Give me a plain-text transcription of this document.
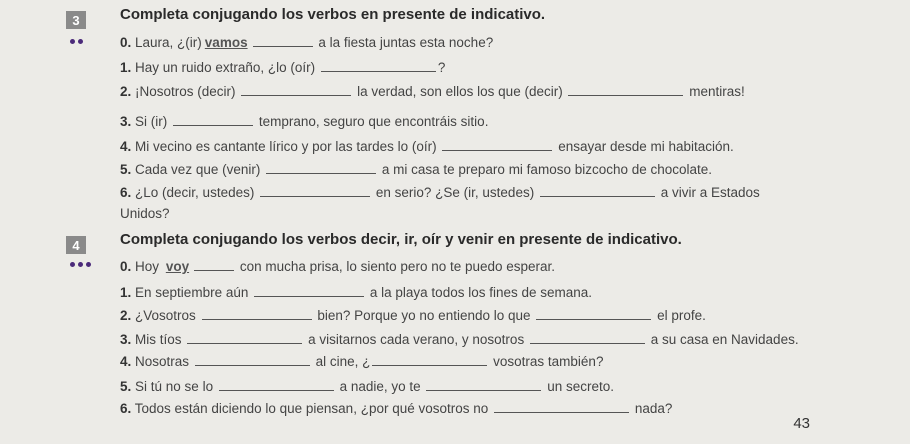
3	Completa conjugando los verbos en presente de indicativo.
0. Laura, ¿(ir) vamos	a la fiesta juntas esta noche?
1. Hay un ruido extraño, ¿lo (oír)	?
2. ¡Nosotros (decir)	la verdad, son ellos los que (decir)	mentiras!
3. Si (ir)	temprano, seguro que encontráis sitio.
4. Mi vecino es cantante lírico y por las tardes lo (oír)	ensayar desde mi habitación.
5. Cada vez que (venir)	a mi casa te preparo mi famoso bizcocho de chocolate.
6. ¿Lo (decir, ustedes)	en serio? ¿Se (ir, ustedes)	a vivir a Estados
Unidos?
4	Completa conjugando los verbos decir, ir, oír y venir en presente de indicativo.
0. Hoy voy	con mucha prisa, lo siento pero no te puedo esperar.
1. En septiembre aún	a la playa todos los fines de semana.
2. ¿Vosotros	bien? Porque yo no entiendo lo que	el profe.
3. Mis tíos	a visitarnos cada verano, y nosotros	a su casa en Navidades.
4. Nosotras	al cine, ¿	vosotras también?
5. Si tú no se lo	a nadie, yo te	un secreto.
6. Todos están diciendo lo que piensan, ¿por qué vosotros no	nada?
43
